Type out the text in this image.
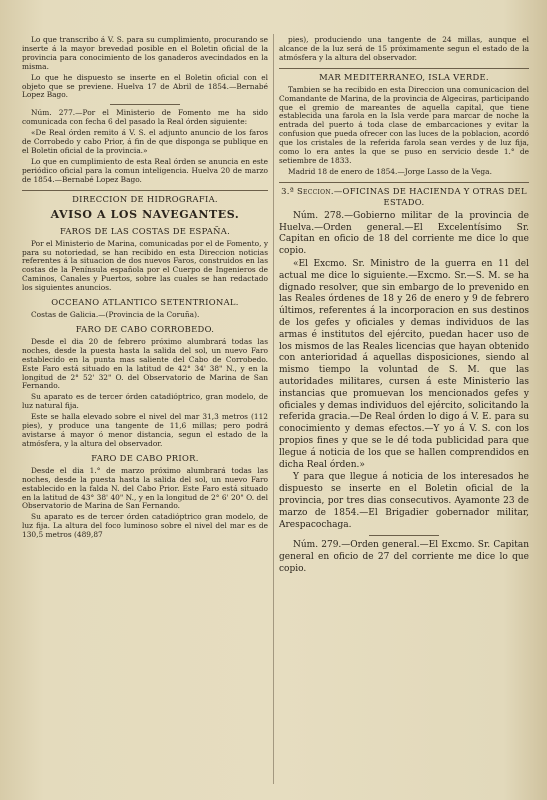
Lo que transcribo á V. S. para su cumplimiento, procurando se inserte á la mayor brevedad posible en el Boletin oficial de la provincia para conocimiento de los ganaderos avecindados en la misma.

Lo que he dispuesto se inserte en el Boletin oficial con el objeto que se previene. Huelva 17 de Abril de 1854.—Bernabé Lopez Bago.

Núm. 277.—Por el Ministerio de Fomento me ha sido comunicada con fecha 6 del pasado la Real órden siguiente:

«De Real órden remito á V. S. el adjunto anuncio de los faros de Corrobedo y cabo Prior, á fin de que disponga se publique en el Boletin oficial de la provincia.»

Lo que en cumplimiento de esta Real órden se anuncia en este periódico oficial para la comun inteligencia. Huelva 20 de marzo de 1854.—Bernabé Lopez Bago.

DIRECCION DE HIDROGRAFIA.
AVISO A LOS NAVEGANTES.
FAROS DE LAS COSTAS DE ESPAÑA.

Por el Ministerio de Marina, comunicadas por el de Fomento, y para su notoriedad, se han recibido en esta Direccion noticias referentes á la situacion de dos nuevos Faros, construidos en las costas de la Península española por el Cuerpo de Ingenieros de Caminos, Canales y Puertos, sobre las cuales se han redactado los siguientes anuncios.

OCCEANO ATLANTICO SETENTRIONAL.

Costas de Galicia.—(Provincia de la Coruña).

FARO DE CABO CORROBEDO.

Desde el dia 20 de febrero próximo alumbrará todas las noches, desde la puesta hasta la salida del sol, un nuevo Faro establecido en la punta mas saliente del Cabo de Corrobedo. Este Faro está situado en la latitud de 42° 34' 38" N., y en la longitud de 2° 52' 32" O. del Observatorio de Marina de San Fernando.

Su aparato es de tercer órden catadióptrico, gran modelo, de luz natural fija.

Este se halla elevado sobre el nivel del mar 31,3 metros (112 pies), y produce una tangente de 11,6 millas; pero podrá avistarse á mayor ó menor distancia, segun el estado de la atmósfera, y la altura del observador.

FARO DE CABO PRIOR.

Desde el dia 1.° de marzo próximo alumbrará todas las noches, desde la puesta hasta la salida del sol, un nuevo Faro establecido en la falda N. del Cabo Prior. Este Faro está situado en la latitud de 43° 38' 40" N., y en la longitud de 2° 6' 20" O. del Observatorio de Marina de San Fernando.

Su aparato es de tercer órden catadióptrico gran modelo, de luz fija. La altura del foco luminoso sobre el nivel del mar es de 130,5 metros (489,87

pies), produciendo una tangente de 24 millas, aunque el alcance de la luz será de 15 próximamente segun el estado de la atmósfera y la altura del observador.

MAR MEDITERRANEO, ISLA VERDE.

Tambien se ha recibido en esta Direccion una comunicacion del Comandante de Marina, de la provincia de Algeciras, participando que el gremio de mareantes de aquella capital, que tiene establecida una farola en la Isla verde para marcar de noche la entrada del puerto á toda clase de embarcaciones y evitar la confusion que pueda ofrecer con las luces de la poblacion, acordó que los cristales de la referida farola sean verdes y de luz fija, como lo era antes la que se puso en servicio desde 1.° de setiembre de 1833.

Madrid 18 de enero de 1854.—Jorge Lasso de la Vega.

3.ª Seccion.—OFICINAS DE HACIENDA Y OTRAS DEL ESTADO.

Núm. 278.—Gobierno militar de la provincia de Huelva.—Orden general.—El Excelentísimo Sr. Capitan en oficio de 18 del corriente me dice lo que copio.

«El Excmo. Sr. Ministro de la guerra en 11 del actual me dice lo siguiente.—Excmo. Sr.—S. M. se ha dignado resolver, que sin embargo de lo prevenido en las Reales órdenes de 18 y 26 de enero y 9 de febrero últimos, referentes á la incorporacion en sus destinos de los gefes y oficiales y demas individuos de las armas é institutos del ejército, puedan hacer uso de los mismos de las Reales licencias que hayan obtenido con anterioridad á aquellas disposiciones, siendo al mismo tiempo la voluntad de S. M. que las autoridades militares, cursen á este Ministerio las instancias que promuevan los mencionados gefes y oficiales y demas individuos del ejército, solicitando la referida gracia.—De Real órden lo digo á V. E. para su conocimiento y demas efectos.—Y yo á V. S. con los propios fines y que se le dé toda publicidad para que llegue á noticia de los que se hallen comprendidos en dicha Real órden.»

Y para que llegue á noticia de los interesados he dispuesto se inserte en el Boletin oficial de la provincia, por tres dias consecutivos. Ayamonte 23 de marzo de 1854.—El Brigadier gobernador militar, Arespacochaga.

Núm. 279.—Orden general.—El Excmo. Sr. Capitan general en oficio de 27 del corriente me dice lo que copio.
